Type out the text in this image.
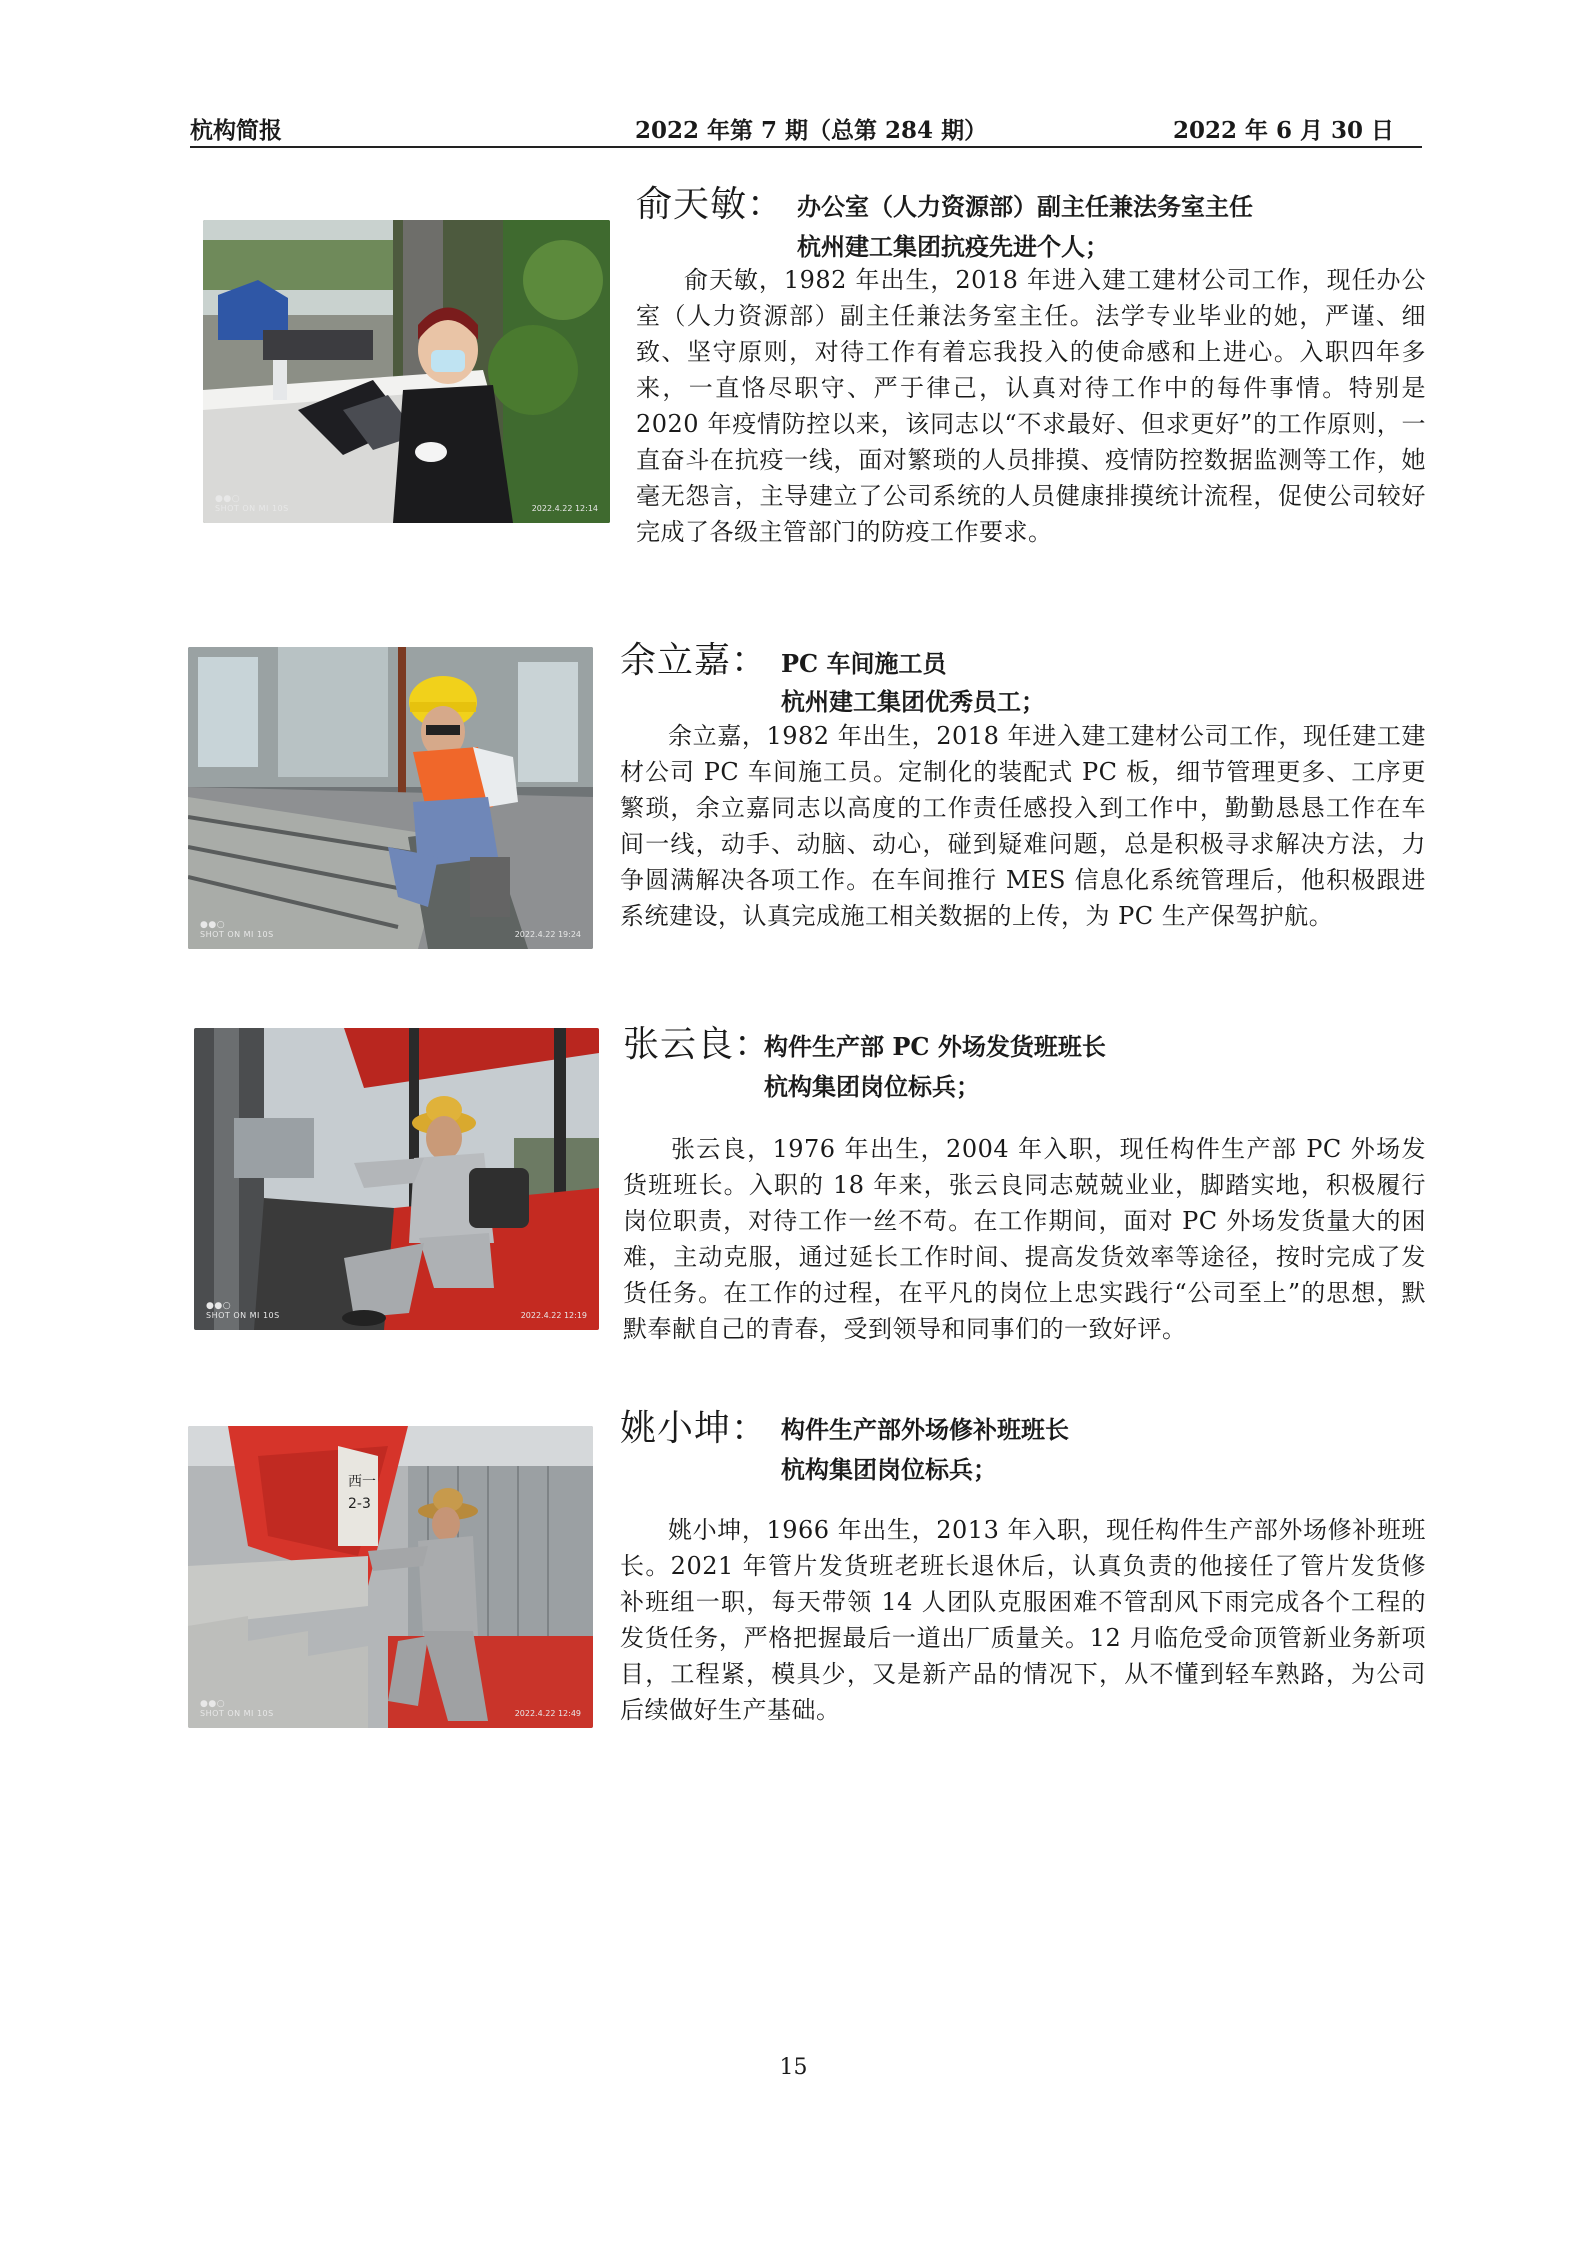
杭构简报	2022 年第 7 期（总第 284 期）	2022 年 6 月 30 日
●●○
SHOT ON MI 10S	2022.4.22 12:14
俞天敏： 办公室（人力资源部）副主任兼法务室主任
杭州建工集团抗疫先进个人；
俞天敏，1982 年出生，2018 年进入建工建材公司工作，现任办公室（人力资源部）副主任兼法务室主任。法学专业毕业的她，严谨、细致、坚守原则，对待工作有着忘我投入的使命感和上进心。入职四年多来，一直恪尽职守、严于律己，认真对待工作中的每件事情。特别是 2020 年疫情防控以来，该同志以“不求最好、但求更好”的工作原则，一直奋斗在抗疫一线，面对繁琐的人员排摸、疫情防控数据监测等工作，她毫无怨言，主导建立了公司系统的人员健康排摸统计流程，促使公司较好完成了各级主管部门的防疫工作要求。
●●○
SHOT ON MI 10S	2022.4.22 19:24
余立嘉： PC 车间施工员
杭州建工集团优秀员工；
余立嘉，1982 年出生，2018 年进入建工建材公司工作，现任建工建材公司 PC 车间施工员。定制化的装配式 PC 板，细节管理更多、工序更繁琐，余立嘉同志以高度的工作责任感投入到工作中，勤勤恳恳工作在车间一线，动手、动脑、动心，碰到疑难问题，总是积极寻求解决方法，力争圆满解决各项工作。在车间推行 MES 信息化系统管理后，他积极跟进系统建设，认真完成施工相关数据的上传，为 PC 生产保驾护航。
●●○
SHOT ON MI 10S	2022.4.22 12:19
张云良：
构件生产部 PC 外场发货班班长
杭构集团岗位标兵；
张云良，1976 年出生，2004 年入职，现任构件生产部 PC 外场发货班班长。入职的 18 年来，张云良同志兢兢业业，脚踏实地，积极履行岗位职责，对待工作一丝不苟。在工作期间，面对 PC 外场发货量大的困难，主动克服，通过延长工作时间、提高发货效率等途径，按时完成了发货任务。在工作的过程，在平凡的岗位上忠实践行“公司至上”的思想，默默奉献自己的青春，受到领导和同事们的一致好评。
西一
2-3
●●○
SHOT ON MI 10S	2022.4.22 12:49
姚小坤： 构件生产部外场修补班班长
杭构集团岗位标兵；
姚小坤，1966 年出生，2013 年入职，现任构件生产部外场修补班班长。2021 年管片发货班老班长退休后，认真负责的他接任了管片发货修补班组一职，每天带领 14 人团队克服困难不管刮风下雨完成各个工程的发货任务，严格把握最后一道出厂质量关。12 月临危受命顶管新业务新项目，工程紧，模具少，又是新产品的情况下，从不懂到轻车熟路，为公司后续做好生产基础。
15
